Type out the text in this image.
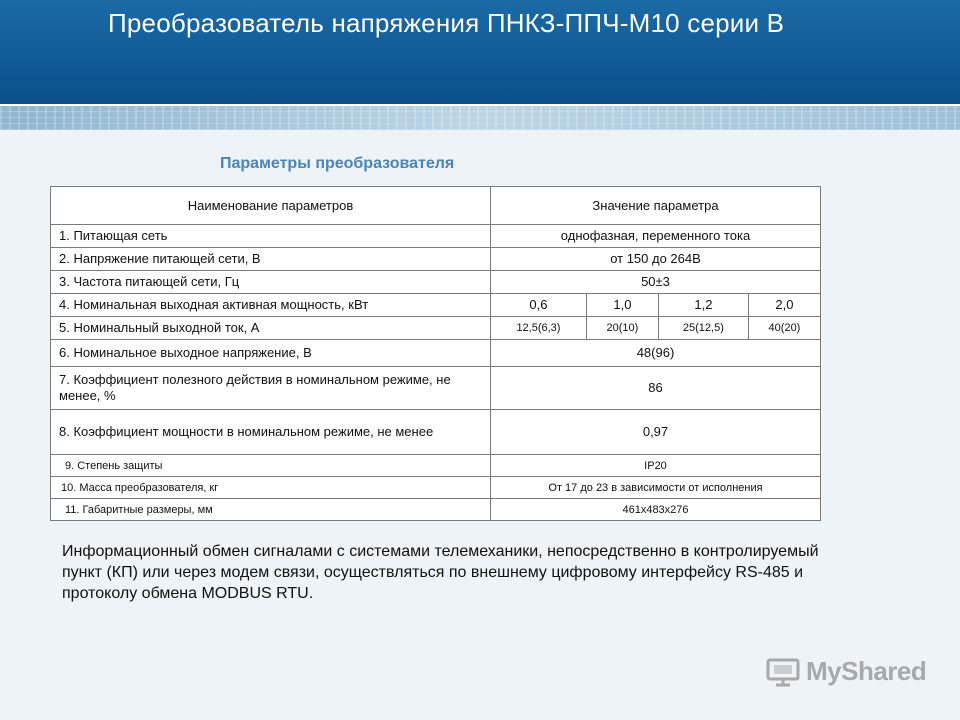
Преобразователь напряжения ПНКЗ-ППЧ-М10 серии В
Параметры преобразователя
Наименование параметров	Значение параметра			
1. Питающая сеть	однофазная, переменного тока			
2. Напряжение питающей сети, В	от 150 до 264В			
3. Частота питающей сети, Гц	50±3			
4. Номинальная выходная активная мощность, кВт	0,6	1,0	1,2	2,0
5. Номинальный выходной ток, А	12,5(6,3)	20(10)	25(12,5)	40(20)
6. Номинальное выходное напряжение, В	48(96)			
7. Коэффициент полезного действия в номинальном режиме, не менее, %	86			
8. Коэффициент мощности в номинальном режиме, не менее	0,97			
9. Степень защиты	IP20			
10. Масса преобразователя, кг	От 17 до 23 в зависимости от исполнения			
11. Габаритные размеры, мм	461x483x276			
Информационный обмен сигналами с системами телемеханики, непосредственно в контролируемый пункт (КП) или через модем связи, осуществляться по внешнему цифровому интерфейсу RS-485 и протоколу обмена MODBUS RTU.
MyShared
